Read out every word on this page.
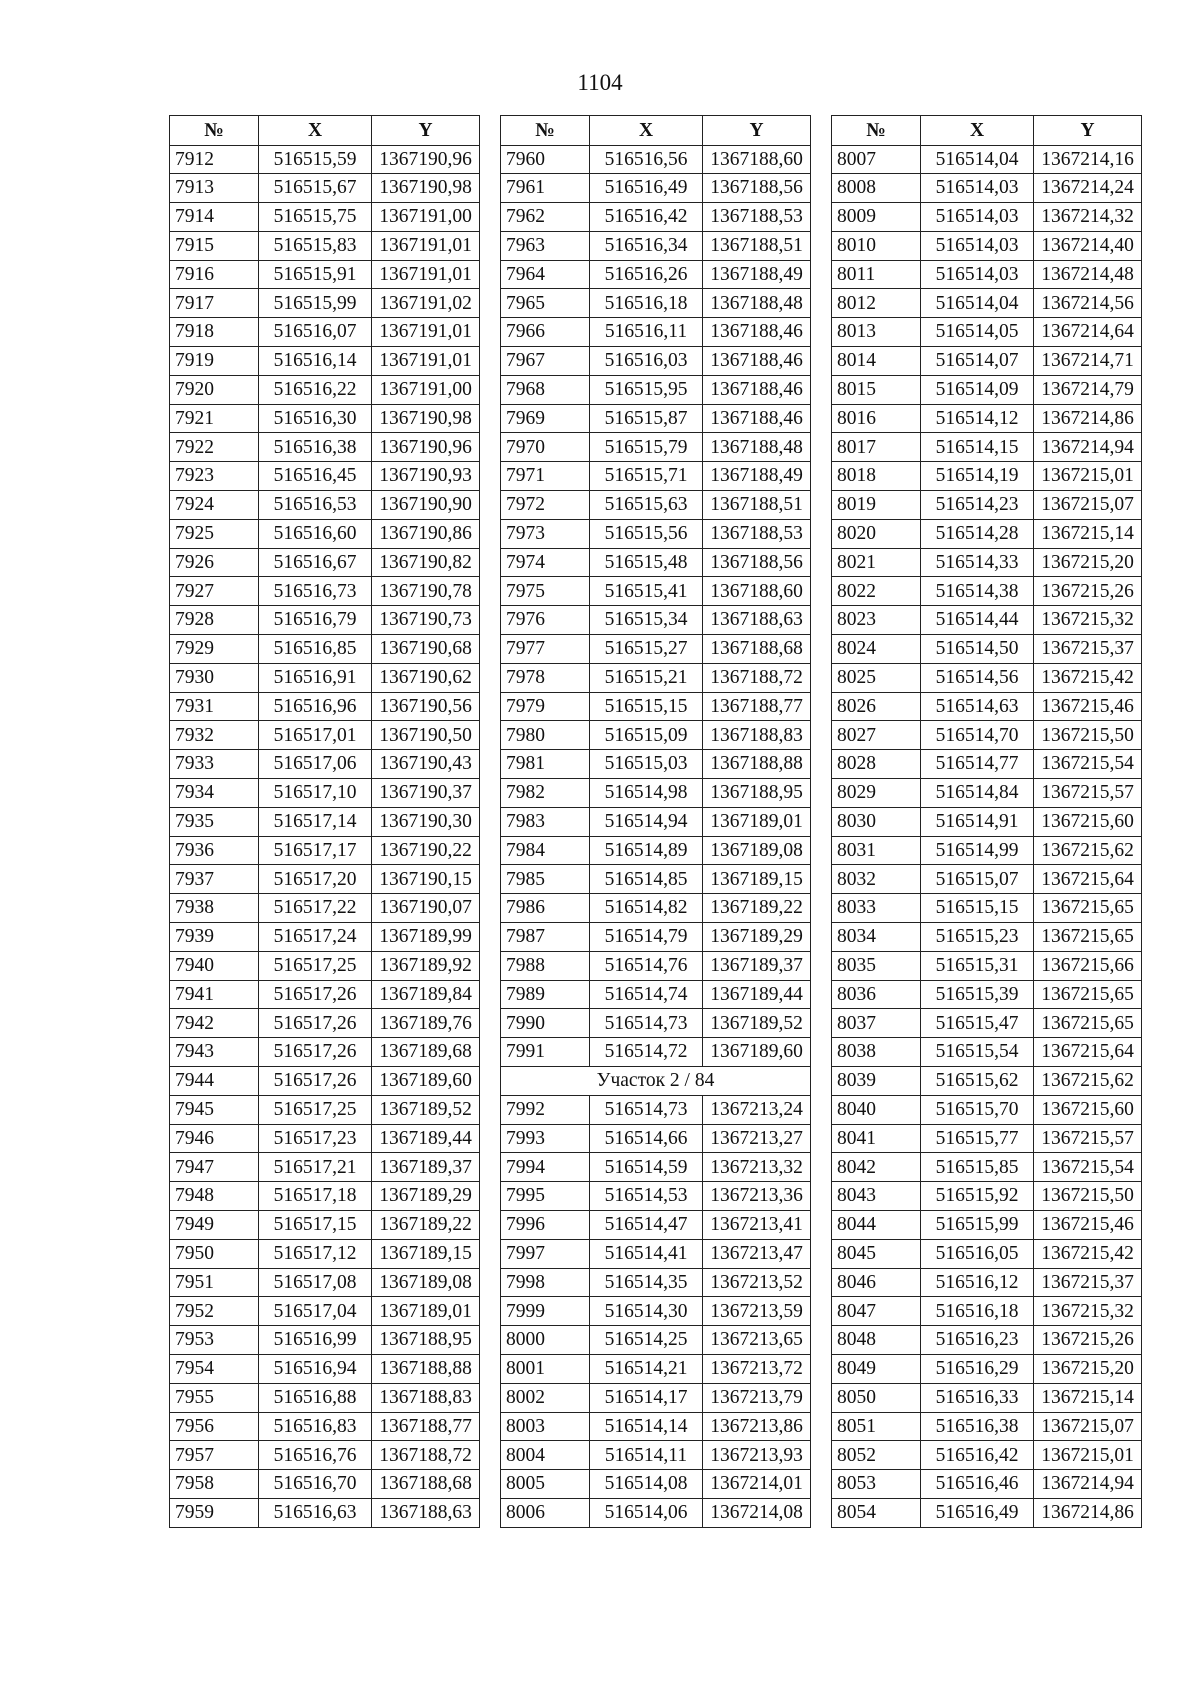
1104
№	X	Y
7912	516515,59	1367190,96
7913	516515,67	1367190,98
7914	516515,75	1367191,00
7915	516515,83	1367191,01
7916	516515,91	1367191,01
7917	516515,99	1367191,02
7918	516516,07	1367191,01
7919	516516,14	1367191,01
7920	516516,22	1367191,00
7921	516516,30	1367190,98
7922	516516,38	1367190,96
7923	516516,45	1367190,93
7924	516516,53	1367190,90
7925	516516,60	1367190,86
7926	516516,67	1367190,82
7927	516516,73	1367190,78
7928	516516,79	1367190,73
7929	516516,85	1367190,68
7930	516516,91	1367190,62
7931	516516,96	1367190,56
7932	516517,01	1367190,50
7933	516517,06	1367190,43
7934	516517,10	1367190,37
7935	516517,14	1367190,30
7936	516517,17	1367190,22
7937	516517,20	1367190,15
7938	516517,22	1367190,07
7939	516517,24	1367189,99
7940	516517,25	1367189,92
7941	516517,26	1367189,84
7942	516517,26	1367189,76
7943	516517,26	1367189,68
7944	516517,26	1367189,60
7945	516517,25	1367189,52
7946	516517,23	1367189,44
7947	516517,21	1367189,37
7948	516517,18	1367189,29
7949	516517,15	1367189,22
7950	516517,12	1367189,15
7951	516517,08	1367189,08
7952	516517,04	1367189,01
7953	516516,99	1367188,95
7954	516516,94	1367188,88
7955	516516,88	1367188,83
7956	516516,83	1367188,77
7957	516516,76	1367188,72
7958	516516,70	1367188,68
7959	516516,63	1367188,63
№	X	Y
7960	516516,56	1367188,60
7961	516516,49	1367188,56
7962	516516,42	1367188,53
7963	516516,34	1367188,51
7964	516516,26	1367188,49
7965	516516,18	1367188,48
7966	516516,11	1367188,46
7967	516516,03	1367188,46
7968	516515,95	1367188,46
7969	516515,87	1367188,46
7970	516515,79	1367188,48
7971	516515,71	1367188,49
7972	516515,63	1367188,51
7973	516515,56	1367188,53
7974	516515,48	1367188,56
7975	516515,41	1367188,60
7976	516515,34	1367188,63
7977	516515,27	1367188,68
7978	516515,21	1367188,72
7979	516515,15	1367188,77
7980	516515,09	1367188,83
7981	516515,03	1367188,88
7982	516514,98	1367188,95
7983	516514,94	1367189,01
7984	516514,89	1367189,08
7985	516514,85	1367189,15
7986	516514,82	1367189,22
7987	516514,79	1367189,29
7988	516514,76	1367189,37
7989	516514,74	1367189,44
7990	516514,73	1367189,52
7991	516514,72	1367189,60
Участок 2 / 84		
7992	516514,73	1367213,24
7993	516514,66	1367213,27
7994	516514,59	1367213,32
7995	516514,53	1367213,36
7996	516514,47	1367213,41
7997	516514,41	1367213,47
7998	516514,35	1367213,52
7999	516514,30	1367213,59
8000	516514,25	1367213,65
8001	516514,21	1367213,72
8002	516514,17	1367213,79
8003	516514,14	1367213,86
8004	516514,11	1367213,93
8005	516514,08	1367214,01
8006	516514,06	1367214,08
№	X	Y
8007	516514,04	1367214,16
8008	516514,03	1367214,24
8009	516514,03	1367214,32
8010	516514,03	1367214,40
8011	516514,03	1367214,48
8012	516514,04	1367214,56
8013	516514,05	1367214,64
8014	516514,07	1367214,71
8015	516514,09	1367214,79
8016	516514,12	1367214,86
8017	516514,15	1367214,94
8018	516514,19	1367215,01
8019	516514,23	1367215,07
8020	516514,28	1367215,14
8021	516514,33	1367215,20
8022	516514,38	1367215,26
8023	516514,44	1367215,32
8024	516514,50	1367215,37
8025	516514,56	1367215,42
8026	516514,63	1367215,46
8027	516514,70	1367215,50
8028	516514,77	1367215,54
8029	516514,84	1367215,57
8030	516514,91	1367215,60
8031	516514,99	1367215,62
8032	516515,07	1367215,64
8033	516515,15	1367215,65
8034	516515,23	1367215,65
8035	516515,31	1367215,66
8036	516515,39	1367215,65
8037	516515,47	1367215,65
8038	516515,54	1367215,64
8039	516515,62	1367215,62
8040	516515,70	1367215,60
8041	516515,77	1367215,57
8042	516515,85	1367215,54
8043	516515,92	1367215,50
8044	516515,99	1367215,46
8045	516516,05	1367215,42
8046	516516,12	1367215,37
8047	516516,18	1367215,32
8048	516516,23	1367215,26
8049	516516,29	1367215,20
8050	516516,33	1367215,14
8051	516516,38	1367215,07
8052	516516,42	1367215,01
8053	516516,46	1367214,94
8054	516516,49	1367214,86
